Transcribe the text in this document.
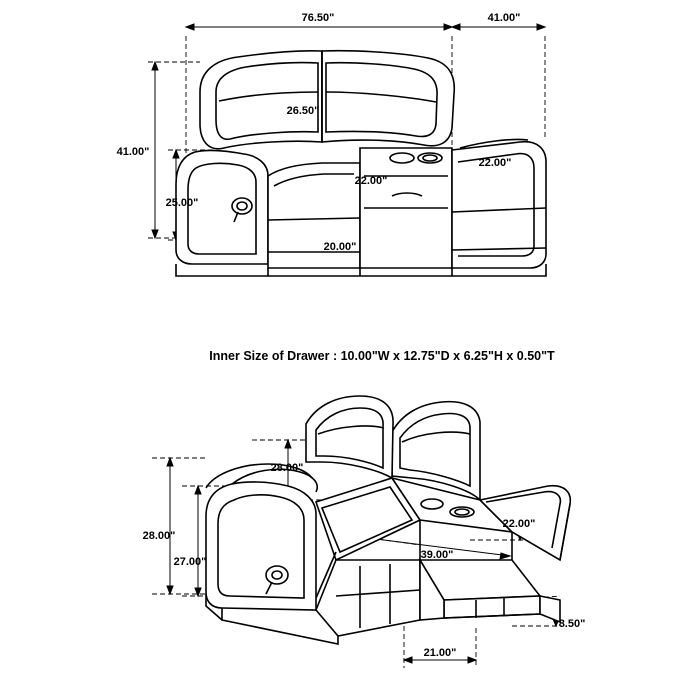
76.50"	41.00"
41.00"
26.50"
25.00"
22.00"
22.00"
20.00"
28.00"
28.00"
27.00"
22.00"
39.00"
8.50"
21.00"
Inner Size of Drawer : 10.00"W x 12.75"D x 6.25"H x 0.50"T
